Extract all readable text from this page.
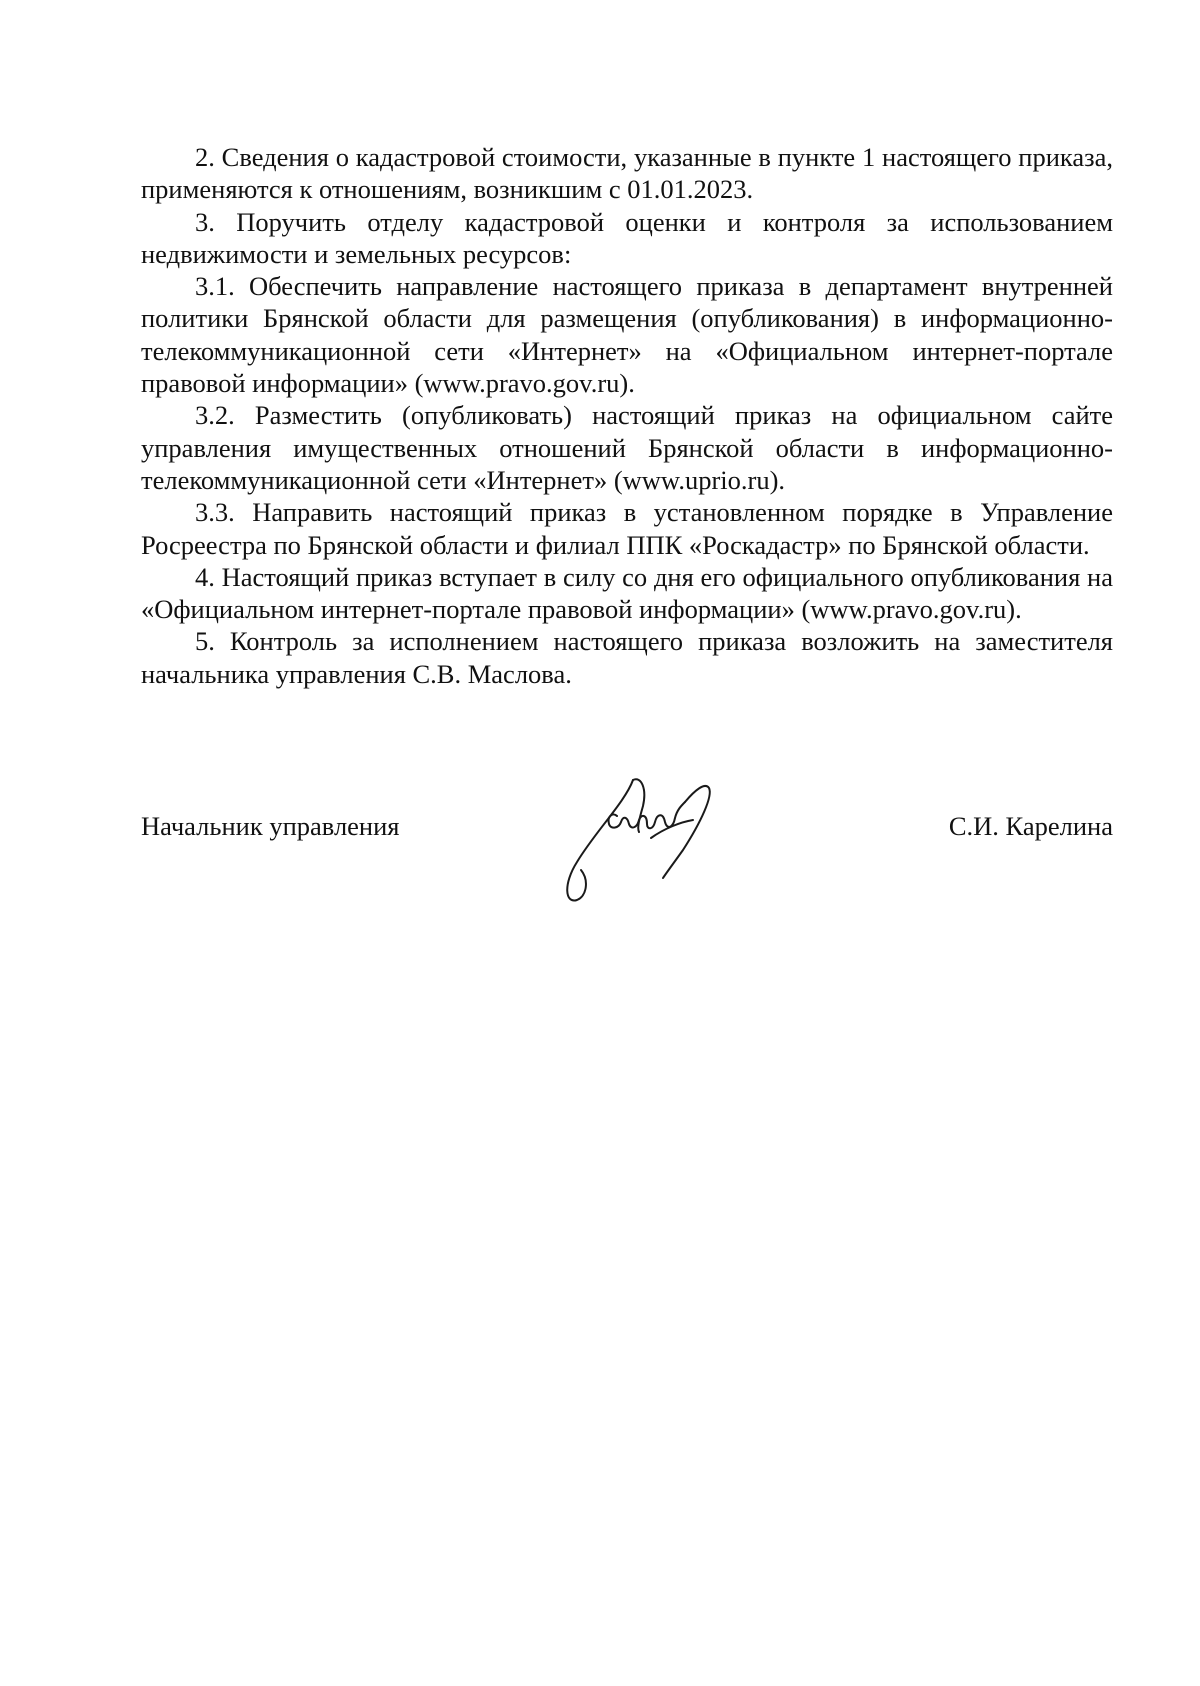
2. Сведения о кадастровой стоимости, указанные в пункте 1 настоящего приказа, применяются к отношениям, возникшим с 01.01.2023.

3. Поручить отделу кадастровой оценки и контроля за использованием недвижимости и земельных ресурсов:

3.1. Обеспечить направление настоящего приказа в департамент внутренней политики Брянской области для размещения (опубликования) в информационно-телекоммуникационной сети «Интернет» на «Официальном интернет-портале правовой информации» (www.pravo.gov.ru).

3.2. Разместить (опубликовать) настоящий приказ на официальном сайте управления имущественных отношений Брянской области в информационно-телекоммуникационной сети «Интернет» (www.uprio.ru).

3.3. Направить настоящий приказ в установленном порядке в Управление Росреестра по Брянской области и филиал ППК «Роскадастр» по Брянской области.

4. Настоящий приказ вступает в силу со дня его официального опубликования на «Официальном интернет-портале правовой информации» (www.pravo.gov.ru).

5. Контроль за исполнением настоящего приказа возложить на заместителя начальника управления С.В. Маслова.

Начальник управления	С.И. Карелина
